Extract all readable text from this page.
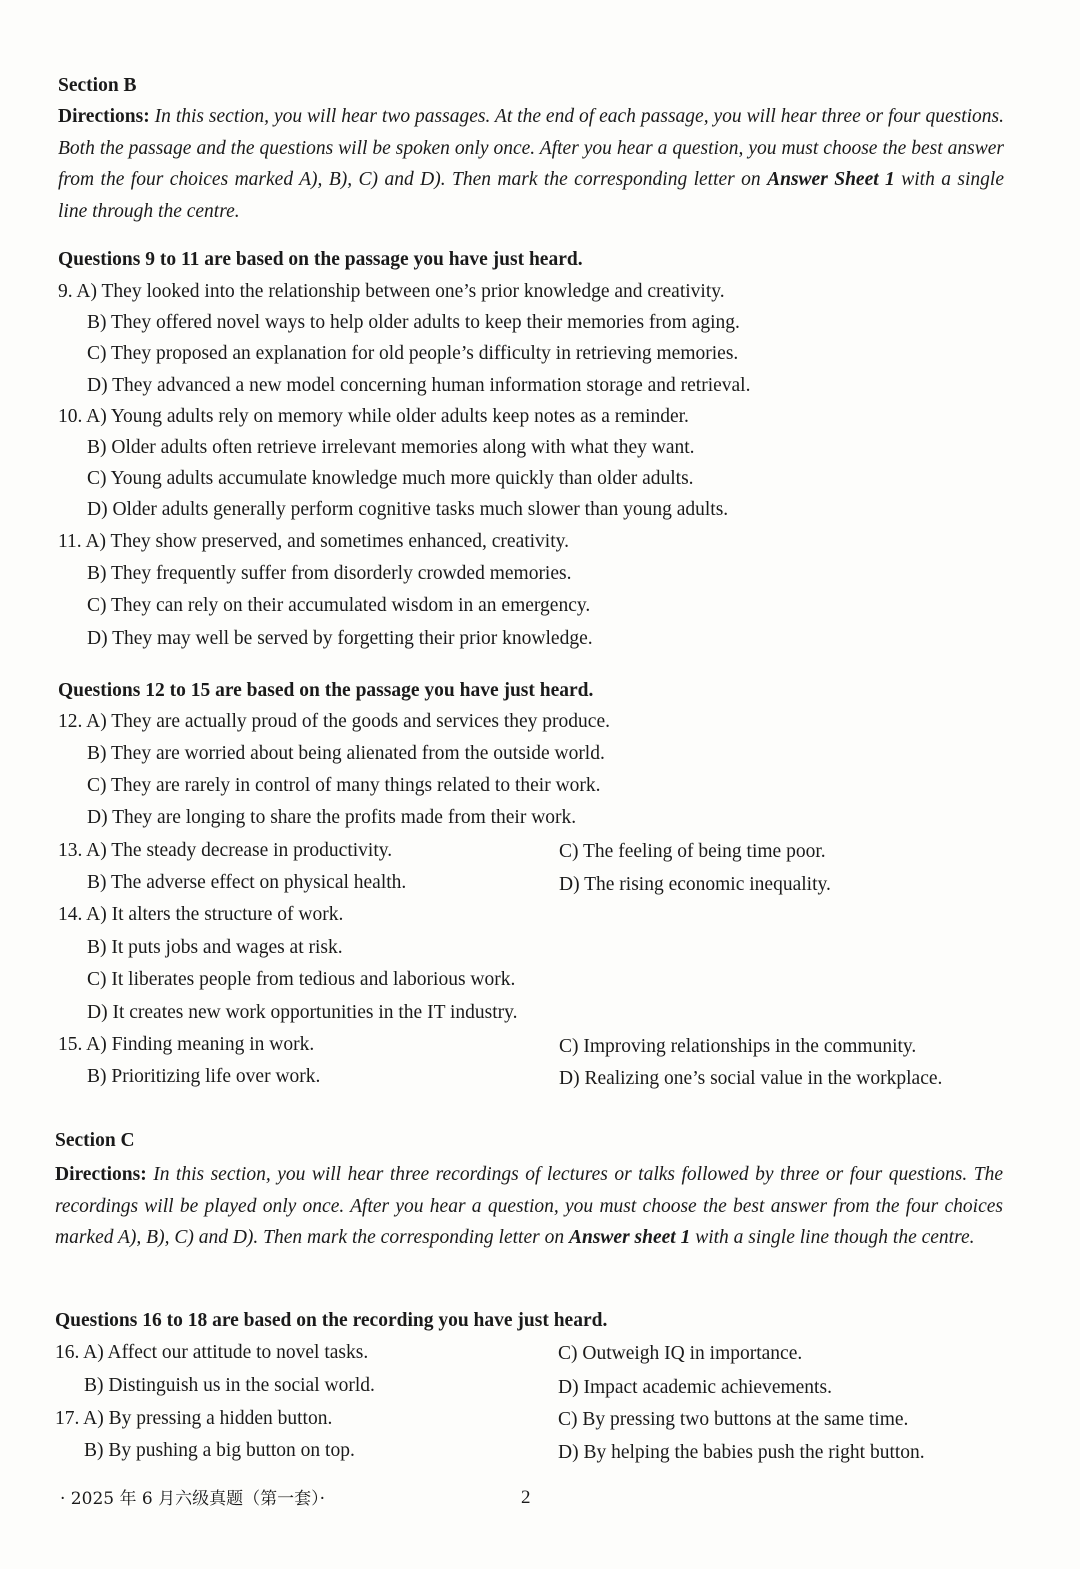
Section B
Directions: In this section, you will hear two passages. At the end of each passage, you will hear three or four questions. Both the passage and the questions will be spoken only once. After you hear a question, you must choose the best answer from the four choices marked A), B), C) and D). Then mark the corresponding letter on Answer Sheet 1 with a single line through the centre.
Questions 9 to 11 are based on the passage you have just heard.
9. A) They looked into the relationship between one’s prior knowledge and creativity.
B) They offered novel ways to help older adults to keep their memories from aging.
C) They proposed an explanation for old people’s difficulty in retrieving memories.
D) They advanced a new model concerning human information storage and retrieval.
10. A) Young adults rely on memory while older adults keep notes as a reminder.
B) Older adults often retrieve irrelevant memories along with what they want.
C) Young adults accumulate knowledge much more quickly than older adults.
D) Older adults generally perform cognitive tasks much slower than young adults.
11. A) They show preserved, and sometimes enhanced, creativity.
B) They frequently suffer from disorderly crowded memories.
C) They can rely on their accumulated wisdom in an emergency.
D) They may well be served by forgetting their prior knowledge.
Questions 12 to 15 are based on the passage you have just heard.
12. A) They are actually proud of the goods and services they produce.
B) They are worried about being alienated from the outside world.
C) They are rarely in control of many things related to their work.
D) They are longing to share the profits made from their work.
13. A) The steady decrease in productivity.	C) The feeling of being time poor.
B) The adverse effect on physical health.	D) The rising economic inequality.
14. A) It alters the structure of work.
B) It puts jobs and wages at risk.
C) It liberates people from tedious and laborious work.
D) It creates new work opportunities in the IT industry.
15. A) Finding meaning in work.	C) Improving relationships in the community.
B) Prioritizing life over work.	D) Realizing one’s social value in the workplace.
Section C
Directions: In this section, you will hear three recordings of lectures or talks followed by three or four questions. The recordings will be played only once. After you hear a question, you must choose the best answer from the four choices marked A), B), C) and D). Then mark the corresponding letter on Answer sheet 1 with a single line though the centre.
Questions 16 to 18 are based on the recording you have just heard.
16. A) Affect our attitude to novel tasks.	C) Outweigh IQ in importance.
B) Distinguish us in the social world.	D) Impact academic achievements.
17. A) By pressing a hidden button.	C) By pressing two buttons at the same time.
B) By pushing a big button on top.	D) By helping the babies push the right button.
· 2025 年 6 月六级真题（第一套）·	2
